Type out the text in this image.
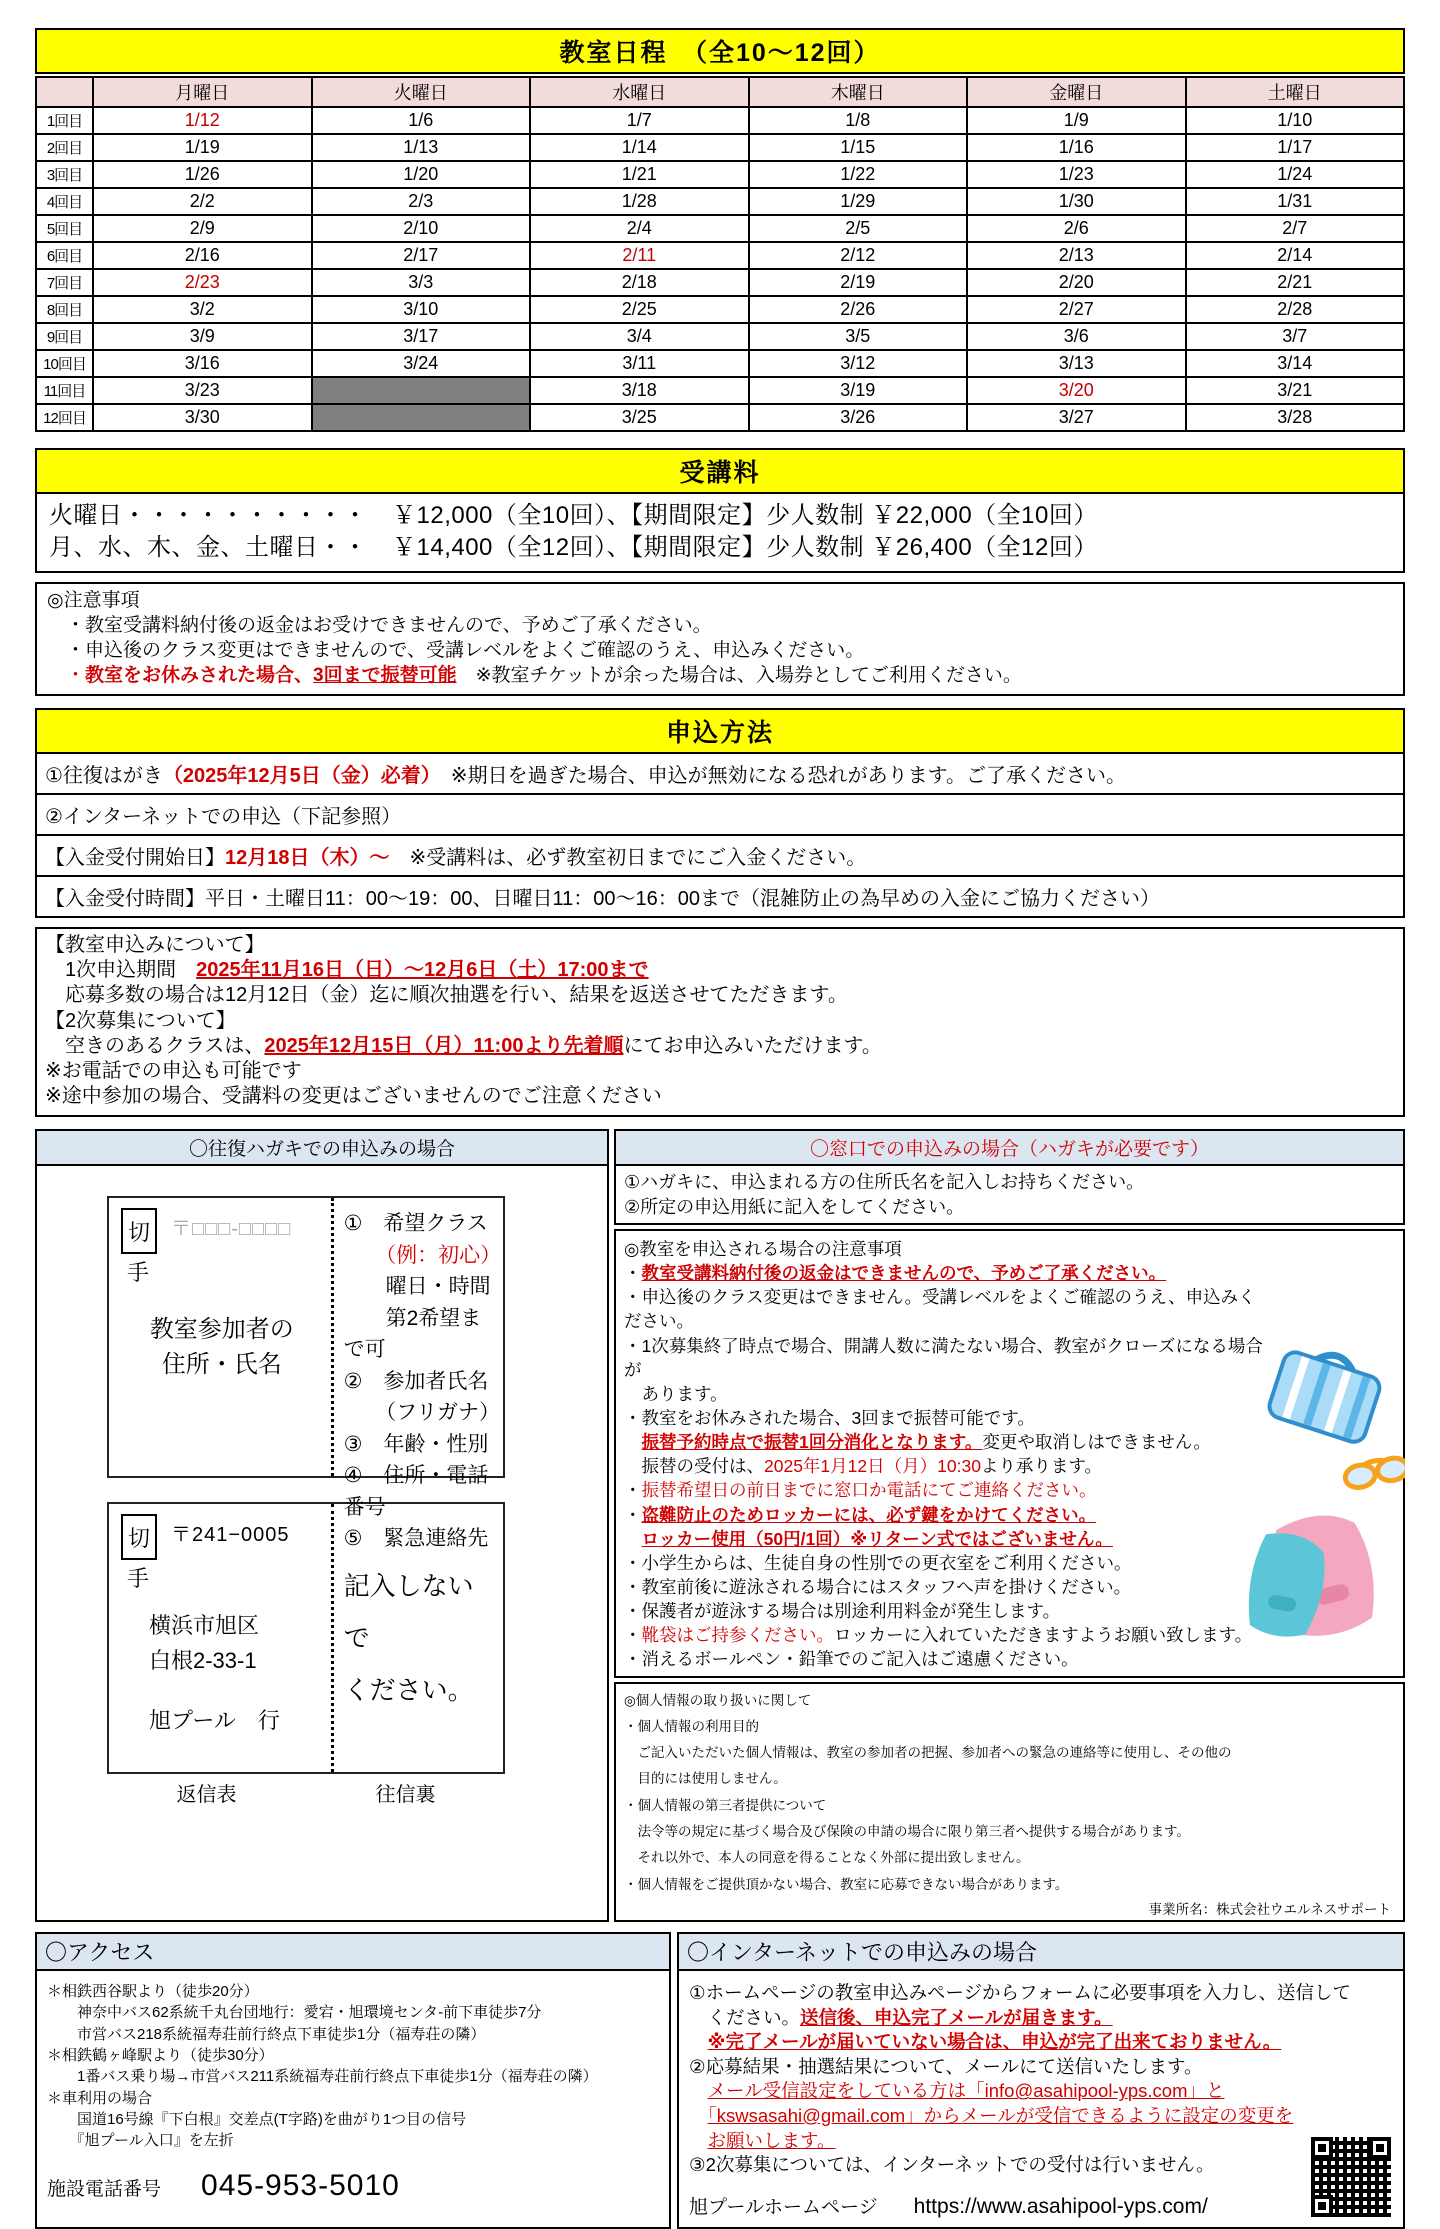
教室日程　（全10～12回）
	月曜日	火曜日	水曜日	木曜日	金曜日	土曜日
1回目	1/12	1/6	1/7	1/8	1/9	1/10
2回目	1/19	1/13	1/14	1/15	1/16	1/17
3回目	1/26	1/20	1/21	1/22	1/23	1/24
4回目	2/2	2/3	1/28	1/29	1/30	1/31
5回目	2/9	2/10	2/4	2/5	2/6	2/7
6回目	2/16	2/17	2/11	2/12	2/13	2/14
7回目	2/23	3/3	2/18	2/19	2/20	2/21
8回目	3/2	3/10	2/25	2/26	2/27	2/28
9回目	3/9	3/17	3/4	3/5	3/6	3/7
10回目	3/16	3/24	3/11	3/12	3/13	3/14
11回目	3/23		3/18	3/19	3/20	3/21
12回目	3/30		3/25	3/26	3/27	3/28
受講料
火曜日・・・・・・・・・・　￥12,000（全10回）、【期間限定】少人数制 ￥22,000（全10回）
月、水、木、金、土曜日・・　￥14,400（全12回）、【期間限定】少人数制 ￥26,400（全12回）
◎注意事項
　・教室受講料納付後の返金はお受けできませんので、予めご了承ください。
　・申込後のクラス変更はできませんので、受講レベルをよくご確認のうえ、申込みください。
　・教室をお休みされた場合、3回まで振替可能　※教室チケットが余った場合は、入場券としてご利用ください。
申込方法
①往復はがき（2025年12月5日（金）必着）　※期日を過ぎた場合、申込が無効になる恐れがあります。ご了承ください。
②インターネットでの申込（下記参照）
【入金受付開始日】12月18日（木）～　※受講料は、必ず教室初日までにご入金ください。
【入金受付時間】平日・土曜日11：00～19：00、日曜日11：00～16：00まで（混雑防止の為早めの入金にご協力ください）
【教室申込みについて】
　1次申込期間　2025年11月16日（日）～12月6日（土）17:00まで
　応募多数の場合は12月12日（金）迄に順次抽選を行い、結果を返送させてただきます。
【2次募集について】
　空きのあるクラスは、2025年12月15日（月）11:00より先着順にてお申込みいただけます。
※お電話での申込も可能です
※途中参加の場合、受講料の変更はございませんのでご注意ください
〇往復ハガキでの申込みの場合
切
手
〒□□□-□□□□
教室参加者の
住所・氏名
①　希望クラス
　　（例：初心）
　　曜日・時間
　　第2希望まで可
②　参加者氏名
　　（フリガナ）
③　年齢・性別
④　住所・電話番号
⑤　緊急連絡先
切
手
〒241−0005
横浜市旭区
白根2-33-1
旭プール　行
記入しないで
ください。
返信表	往信裏
〇窓口での申込みの場合（ハガキが必要です）
①ハガキに、申込まれる方の住所氏名を記入しお持ちください。
②所定の申込用紙に記入をしてください。
◎教室を申込される場合の注意事項
・教室受講料納付後の返金はできませんので、予めご了承ください。
・申込後のクラス変更はできません。受講レベルをよくご確認のうえ、申込みください。
・1次募集終了時点で場合、開講人数に満たない場合、教室がクローズになる場合が
　あります。
・教室をお休みされた場合、3回まで振替可能です。
　振替予約時点で振替1回分消化となります。変更や取消しはできません。
　振替の受付は、2025年1月12日（月）10:30より承ります。
・振替希望日の前日までに窓口か電話にてご連絡ください。
・盗難防止のためロッカーには、必ず鍵をかけてください。
　ロッカー使用（50円/1回）※リターン式ではございません。
・小学生からは、生徒自身の性別での更衣室をご利用ください。
・教室前後に遊泳される場合にはスタッフへ声を掛けください。
・保護者が遊泳する場合は別途利用料金が発生します。
・靴袋はご持参ください。ロッカーに入れていただきますようお願い致します。
・消えるボールペン・鉛筆でのご記入はご遠慮ください。
◎個人情報の取り扱いに関して
・個人情報の利用目的
　ご記入いただいた個人情報は、教室の参加者の把握、参加者への緊急の連絡等に使用し、その他の
　目的には使用しません。
・個人情報の第三者提供について
　法令等の規定に基づく場合及び保険の申請の場合に限り第三者へ提供する場合があります。
　それ以外で、本人の同意を得ることなく外部に提出致しません。
・個人情報をご提供頂かない場合、教室に応募できない場合があります。
事業所名：株式会社ウエルネスサポート
〇アクセス
＊相鉄西谷駅より（徒歩20分）
　　神奈中バス62系統千丸台団地行：愛宕・旭環境センタ-前下車徒歩7分
　　市営バス218系統福寿荘前行終点下車徒歩1分（福寿荘の隣）
＊相鉄鶴ヶ峰駅より（徒歩30分）
　　1番バス乗り場→市営バス211系統福寿荘前行終点下車徒歩1分（福寿荘の隣）
＊車利用の場合
　　国道16号線『下白根』交差点(T字路)を曲がり1つ目の信号
　　『旭プール入口』を左折
施設電話番号 045-953-5010
〇インターネットでの申込みの場合
①ホームページの教室申込みページからフォームに必要事項を入力し、送信して
　ください。送信後、申込完了メールが届きます。
　※完了メールが届いていない場合は、申込が完了出来ておりません。
②応募結果・抽選結果について、メールにて送信いたします。
　メール受信設定をしている方は「info@asahipool-yps.com」と
　「kswsasahi@gmail.com」からメールが受信できるように設定の変更を
　お願いします。
③2次募集については、インターネットでの受付は行いません。
旭プールホームページ https://www.asahipool-yps.com/
